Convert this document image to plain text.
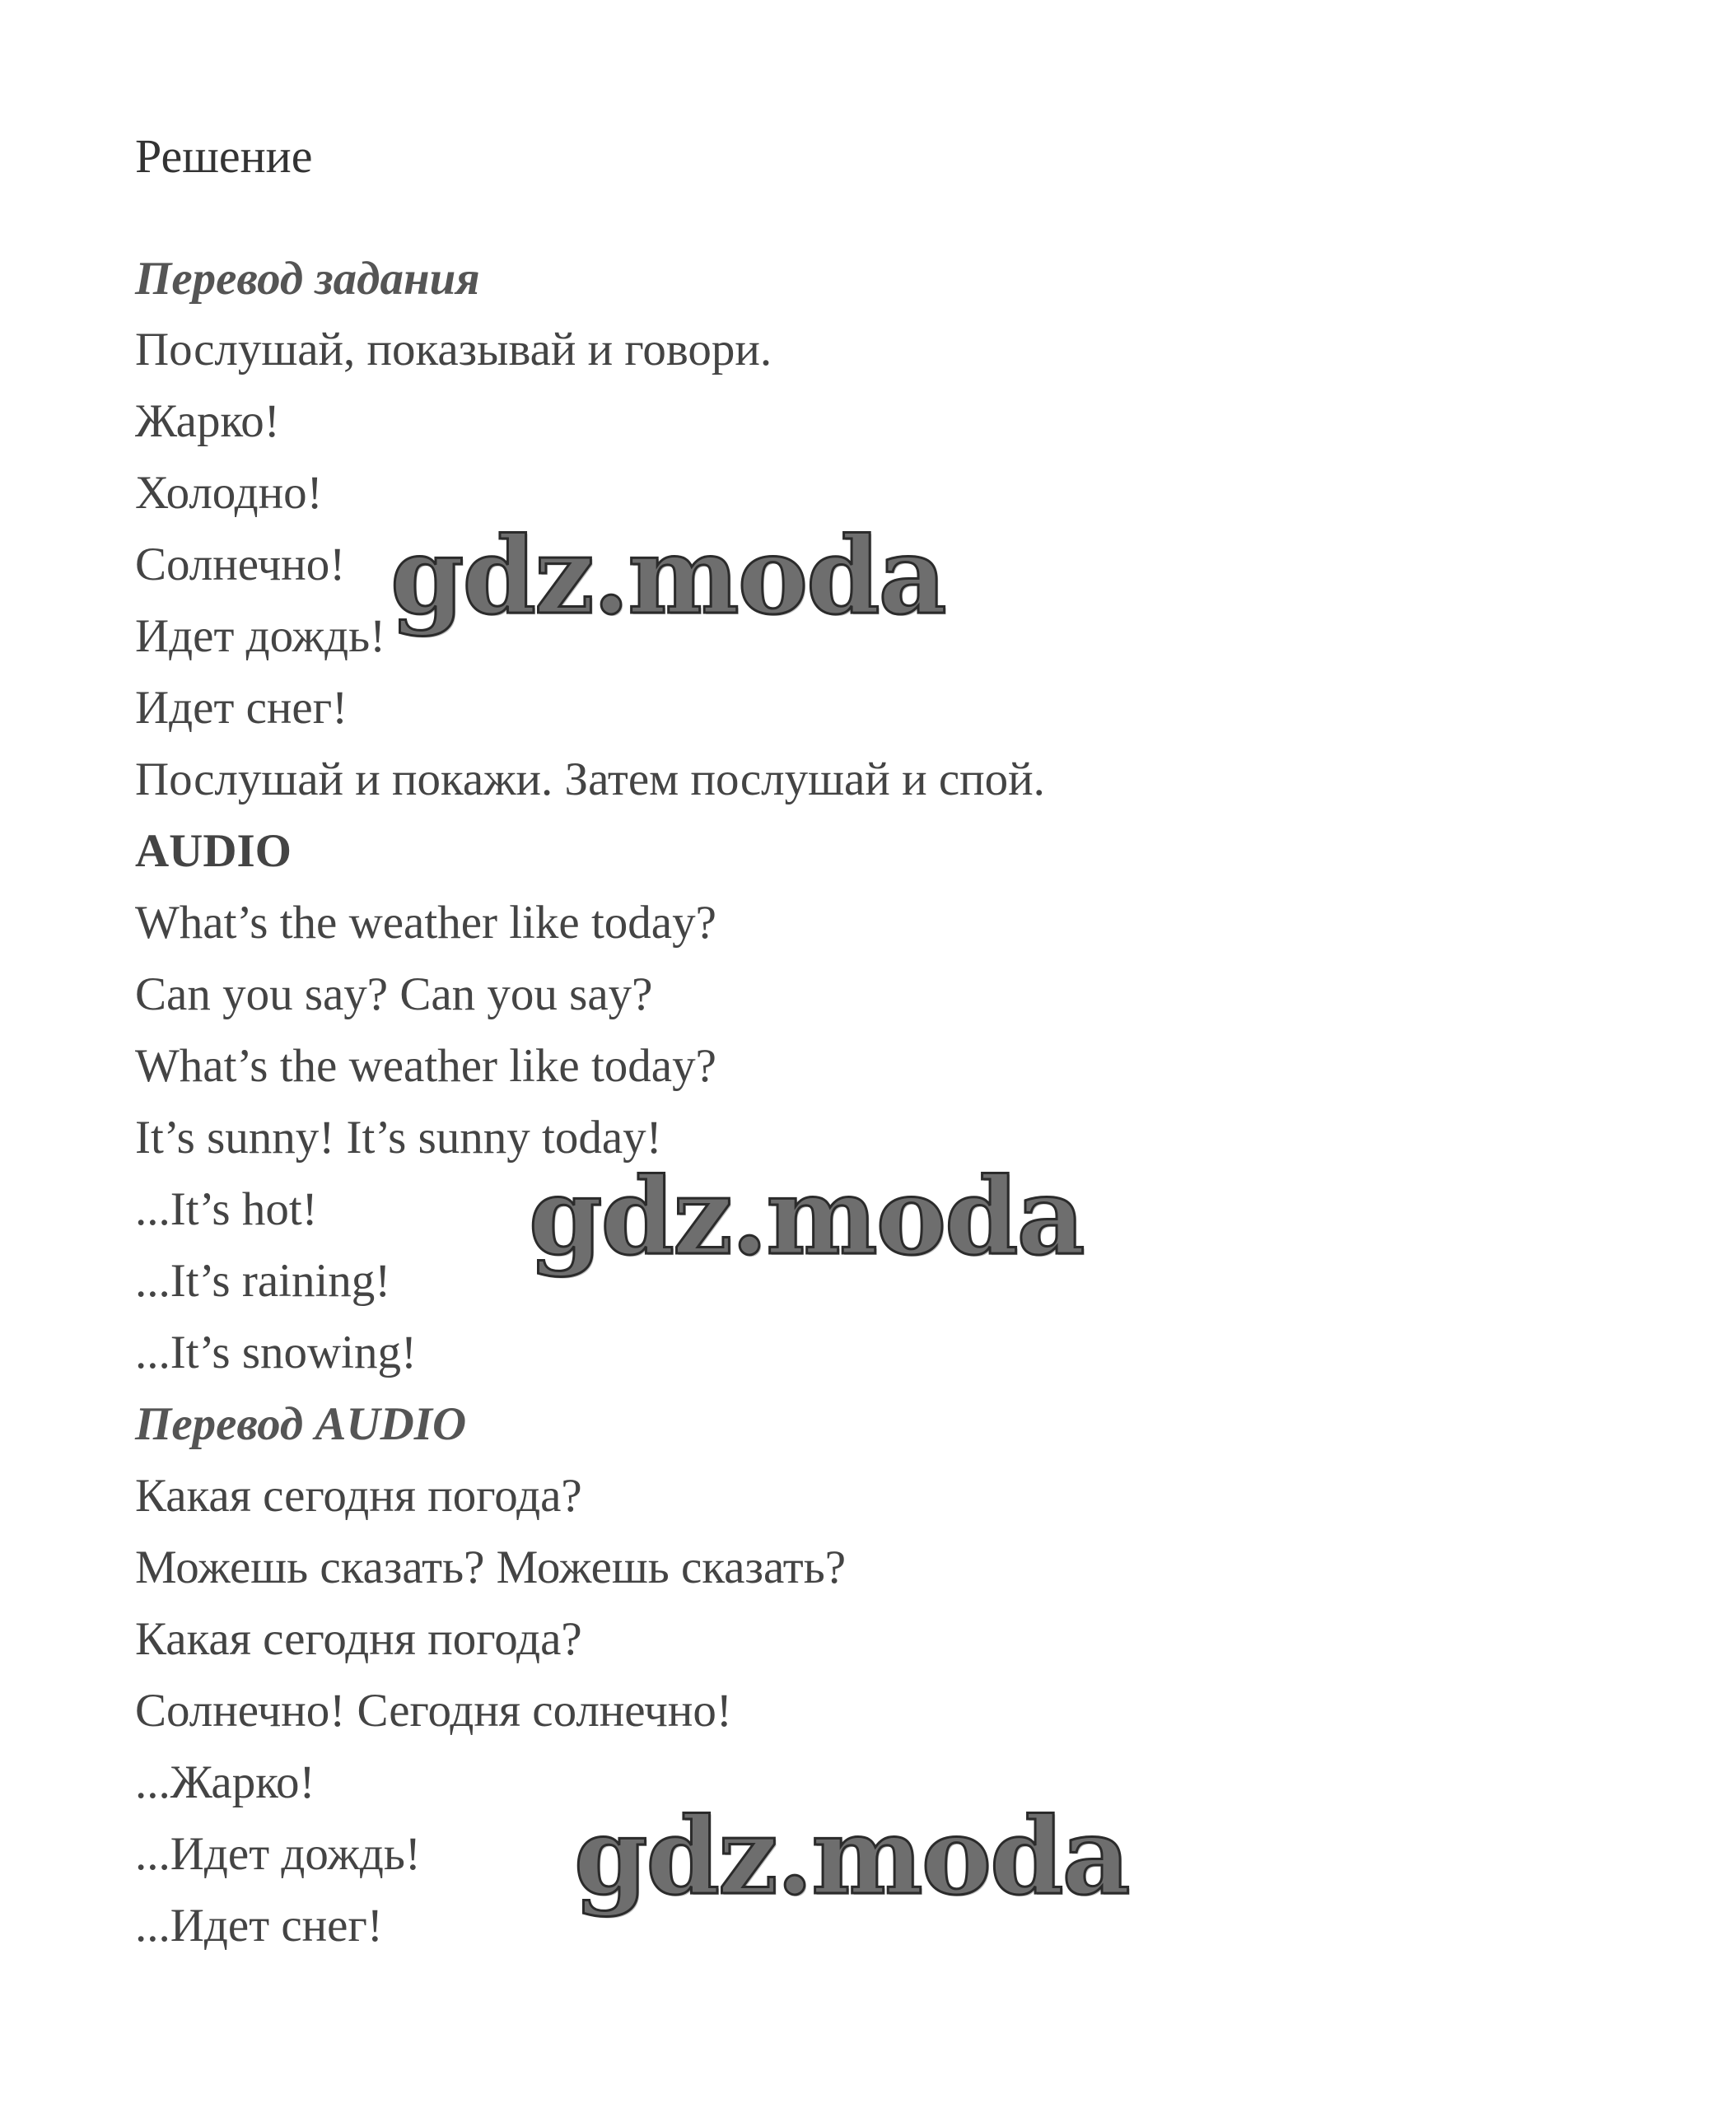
Решение
Перевод задания
Послушай, показывай и говори.
Жарко!
Холодно!
Солнечно!
Идет дождь!
Идет снег!
Послушай и покажи. Затем послушай и спой.
AUDIO
What’s the weather like today?
Can you say? Can you say?
What’s the weather like today?
It’s sunny! It’s sunny today!
...It’s hot!
...It’s raining!
...It’s snowing!
Перевод AUDIO
Какая сегодня погода?
Можешь сказать? Можешь сказать?
Какая сегодня погода?
Солнечно! Сегодня солнечно!
...Жарко!
...Идет дождь!
...Идет снег!
gdz.moda
gdz.moda
gdz.moda
